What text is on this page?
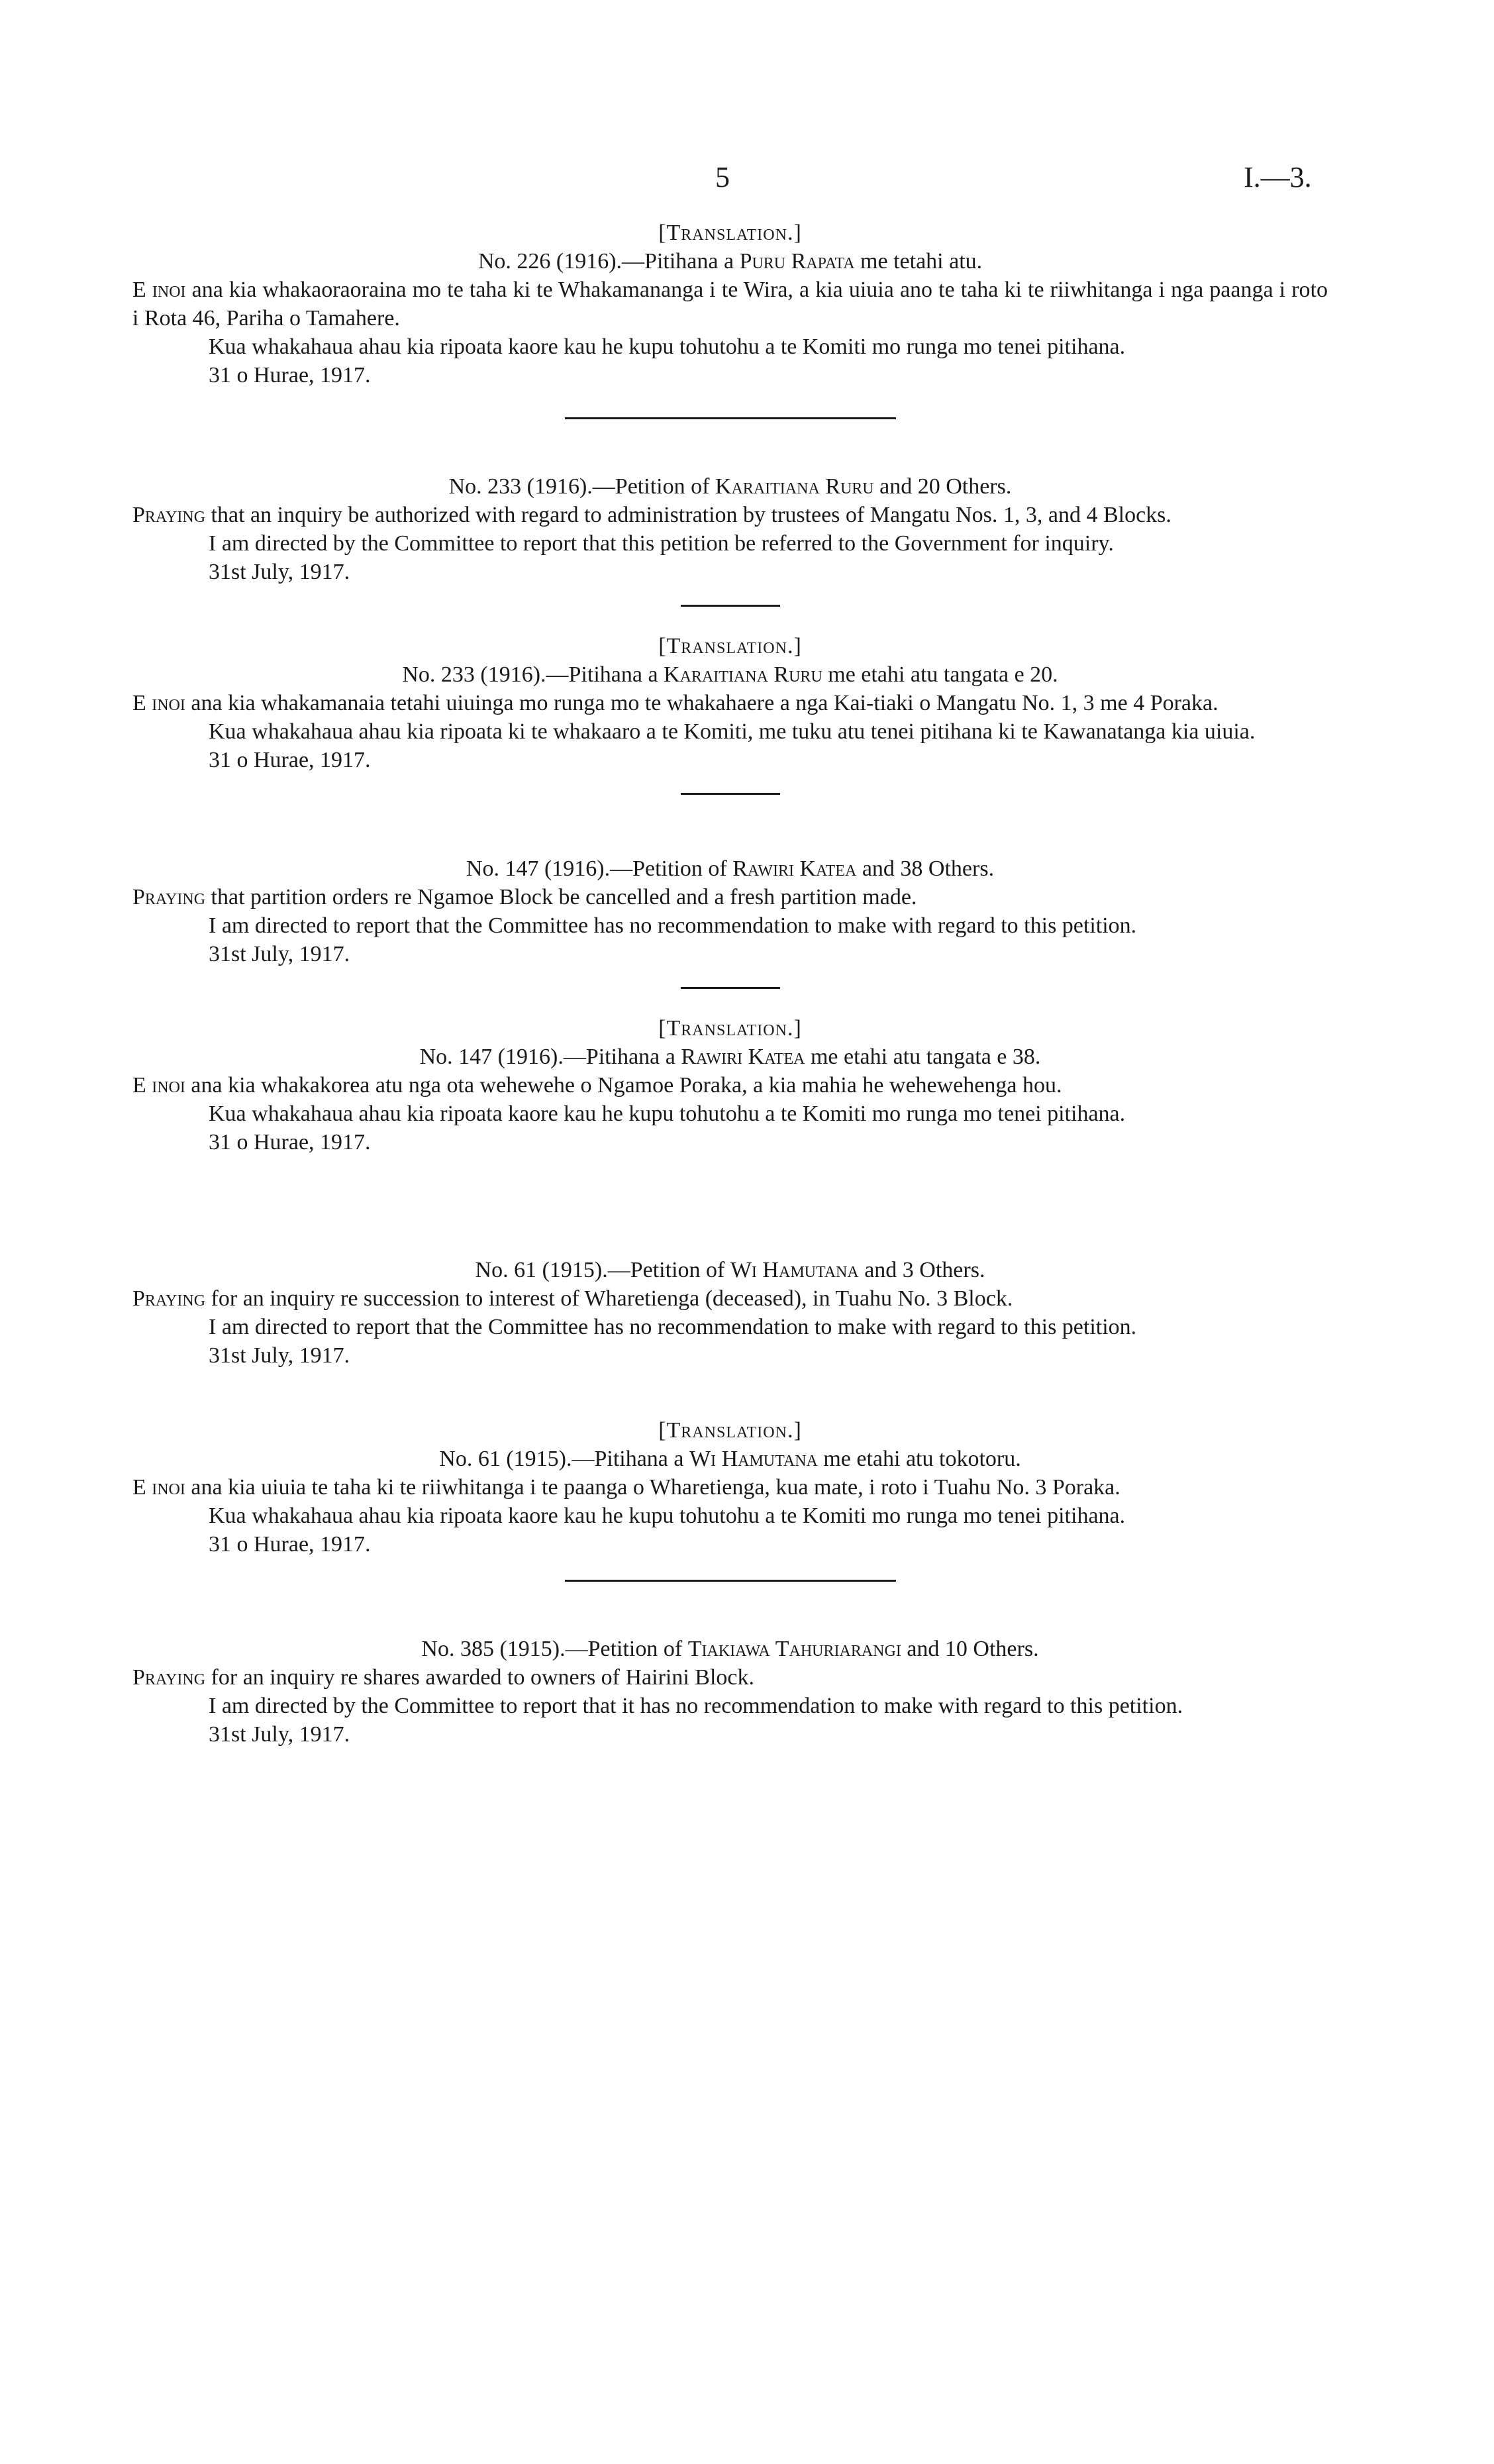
5	I.—3.

[Translation.]

No. 226 (1916).—Pitihana a Puru Rapata me tetahi atu.

E inoi ana kia whakaoraoraina mo te taha ki te Whakamananga i te Wira, a kia uiuia ano te taha ki te riiwhitanga i nga paanga i roto i Rota 46, Pariha o Tamahere.

Kua whakahaua ahau kia ripoata kaore kau he kupu tohutohu a te Komiti mo runga mo tenei pitihana.

31 o Hurae, 1917.

No. 233 (1916).—Petition of Karaitiana Ruru and 20 Others.

Praying that an inquiry be authorized with regard to administration by trustees of Mangatu Nos. 1, 3, and 4 Blocks.

I am directed by the Committee to report that this petition be referred to the Government for inquiry.

31st July, 1917.

[Translation.]

No. 233 (1916).—Pitihana a Karaitiana Ruru me etahi atu tangata e 20.

E inoi ana kia whakamanaia tetahi uiuinga mo runga mo te whakahaere a nga Kai-tiaki o Mangatu No. 1, 3 me 4 Poraka.

Kua whakahaua ahau kia ripoata ki te whakaaro a te Komiti, me tuku atu tenei pitihana ki te Kawanatanga kia uiuia.

31 o Hurae, 1917.

No. 147 (1916).—Petition of Rawiri Katea and 38 Others.

Praying that partition orders re Ngamoe Block be cancelled and a fresh partition made.

I am directed to report that the Committee has no recommendation to make with regard to this petition.

31st July, 1917.

[Translation.]

No. 147 (1916).—Pitihana a Rawiri Katea me etahi atu tangata e 38.

E inoi ana kia whakakorea atu nga ota wehewehe o Ngamoe Poraka, a kia mahia he wehewehenga hou.

Kua whakahaua ahau kia ripoata kaore kau he kupu tohutohu a te Komiti mo runga mo tenei pitihana.

31 o Hurae, 1917.

No. 61 (1915).—Petition of Wi Hamutana and 3 Others.

Praying for an inquiry re succession to interest of Wharetienga (deceased), in Tuahu No. 3 Block.

I am directed to report that the Committee has no recommendation to make with regard to this petition.

31st July, 1917.

[Translation.]

No. 61 (1915).—Pitihana a Wi Hamutana me etahi atu tokotoru.

E inoi ana kia uiuia te taha ki te riiwhitanga i te paanga o Wharetienga, kua mate, i roto i Tuahu No. 3 Poraka.

Kua whakahaua ahau kia ripoata kaore kau he kupu tohutohu a te Komiti mo runga mo tenei pitihana.

31 o Hurae, 1917.

No. 385 (1915).—Petition of Tiakiawa Tahuriarangi and 10 Others.

Praying for an inquiry re shares awarded to owners of Hairini Block.

I am directed by the Committee to report that it has no recommendation to make with regard to this petition.

31st July, 1917.
